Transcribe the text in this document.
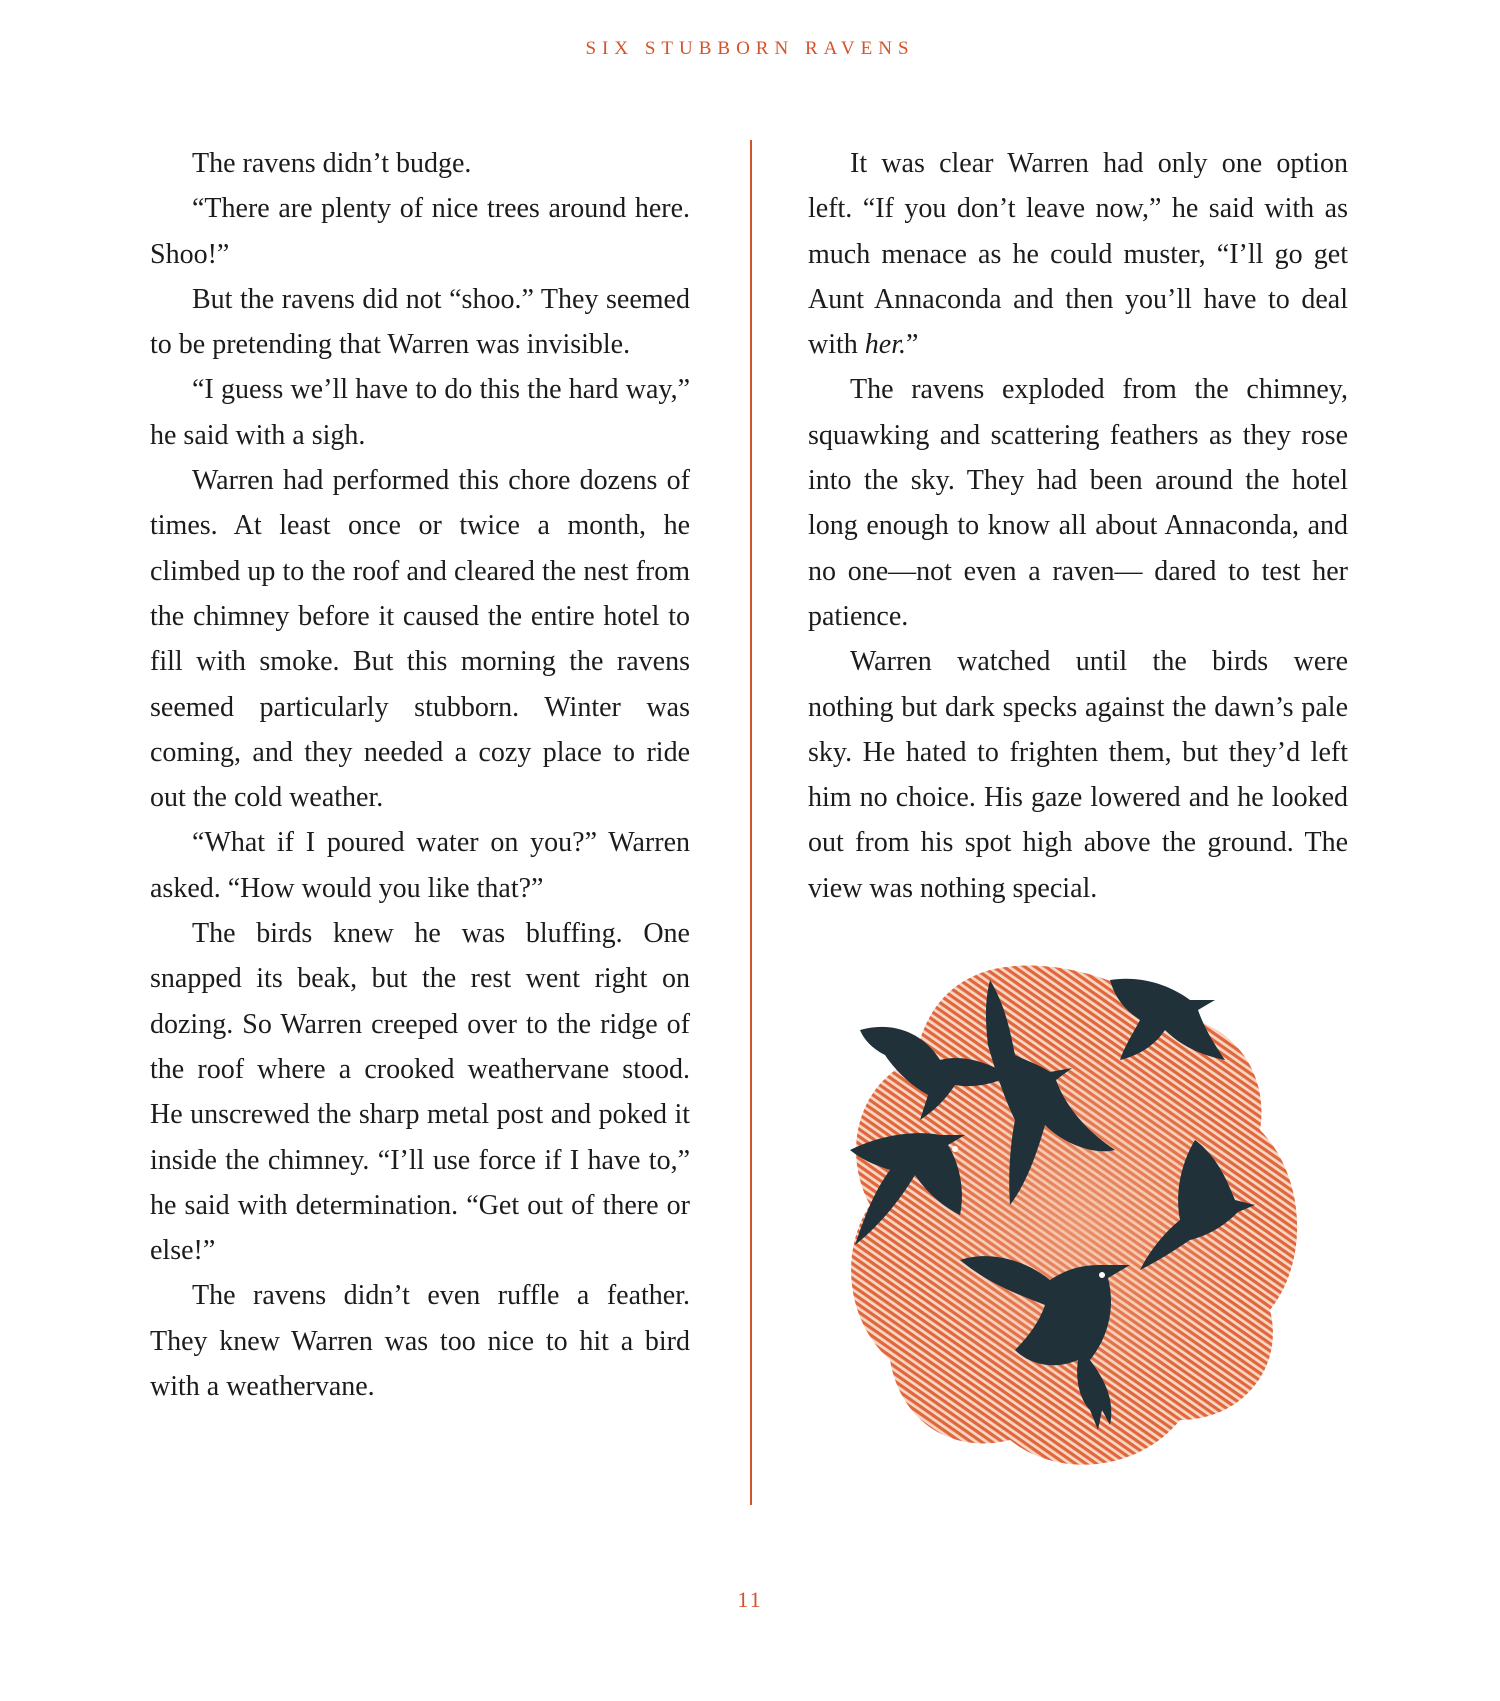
SIX STUBBORN RAVENS

The ravens didn’t budge.

“There are plenty of nice trees around here. Shoo!”

But the ravens did not “shoo.” They seemed to be pretending that Warren was invisible.

“I guess we’ll have to do this the hard way,” he said with a sigh.

Warren had performed this chore dozens of times. At least once or twice a month, he climbed up to the roof and cleared the nest from the chimney before it caused the entire hotel to fill with smoke. But this morning the ravens seemed particularly stubborn. Winter was coming, and they needed a cozy place to ride out the cold weather.

“What if I poured water on you?” Warren asked. “How would you like that?”

The birds knew he was bluffing. One snapped its beak, but the rest went right on dozing. So Warren creeped over to the ridge of the roof where a crooked weathervane stood. He unscrewed the sharp metal post and poked it inside the chimney. “I’ll use force if I have to,” he said with determination. “Get out of there or else!”

The ravens didn’t even ruffle a feather. They knew Warren was too nice to hit a bird with a weathervane.

It was clear Warren had only one option left. “If you don’t leave now,” he said with as much menace as he could muster, “I’ll go get Aunt Annaconda and then you’ll have to deal with her.”

The ravens exploded from the chimney, squawking and scattering feathers as they rose into the sky. They had been around the hotel long enough to know all about Annaconda, and no one—not even a raven— dared to test her patience.

Warren watched until the birds were nothing but dark specks against the dawn’s pale sky. He hated to frighten them, but they’d left him no choice. His gaze lowered and he looked out from his spot high above the ground. The view was nothing special.

11
